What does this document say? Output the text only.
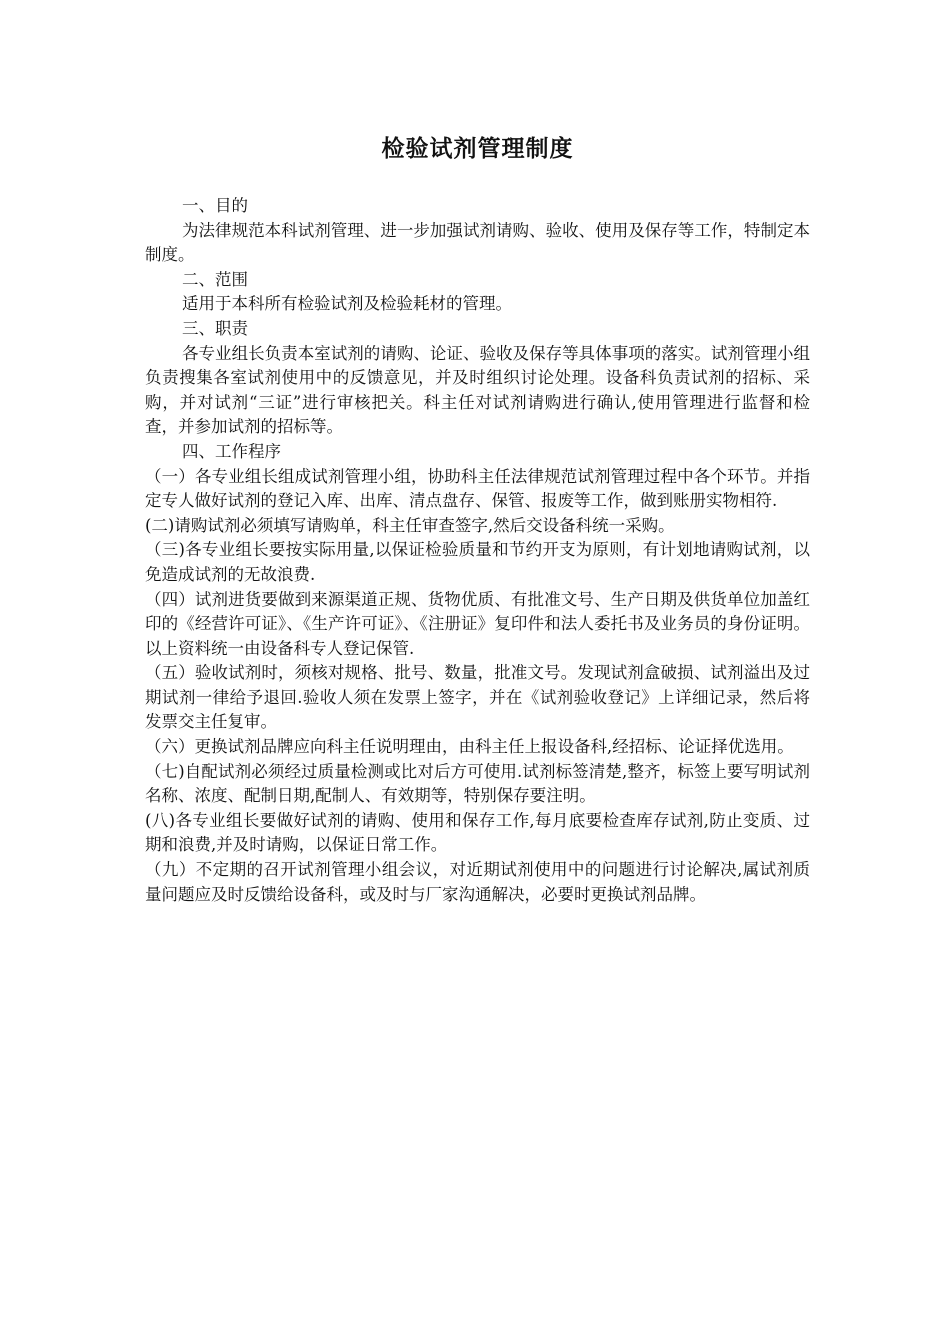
检验试剂管理制度

一、目的

为法律规范本科试剂管理、进一步加强试剂请购、验收、使用及保存等工作，特制定本制度。

二、范围

适用于本科所有检验试剂及检验耗材的管理。

三、职责

各专业组长负责本室试剂的请购、论证、验收及保存等具体事项的落实。试剂管理小组负责搜集各室试剂使用中的反馈意见，并及时组织讨论处理。设备科负责试剂的招标、采购，并对试剂“三证”进行审核把关。科主任对试剂请购进行确认,使用管理进行监督和检查，并参加试剂的招标等。

四、工作程序

（一）各专业组长组成试剂管理小组，协助科主任法律规范试剂管理过程中各个环节。并指定专人做好试剂的登记入库、出库、清点盘存、保管、报废等工作，做到账册实物相符.

(二)请购试剂必须填写请购单，科主任审查签字,然后交设备科统一采购。

（三)各专业组长要按实际用量,以保证检验质量和节约开支为原则，有计划地请购试剂，以免造成试剂的无故浪费.

（四）试剂进货要做到来源渠道正规、货物优质、有批准文号、生产日期及供货单位加盖红印的《经营许可证》、《生产许可证》、《注册证》复印件和法人委托书及业务员的身份证明。以上资料统一由设备科专人登记保管.

（五）验收试剂时，须核对规格、批号、数量，批准文号。发现试剂盒破损、试剂溢出及过期试剂一律给予退回.验收人须在发票上签字，并在《试剂验收登记》上详细记录，然后将发票交主任复审。

（六）更换试剂品牌应向科主任说明理由，由科主任上报设备科,经招标、论证择优选用。

（七)自配试剂必须经过质量检测或比对后方可使用.试剂标签清楚,整齐，标签上要写明试剂名称、浓度、配制日期,配制人、有效期等，特别保存要注明。

(八)各专业组长要做好试剂的请购、使用和保存工作,每月底要检查库存试剂,防止变质、过期和浪费,并及时请购，以保证日常工作。

（九）不定期的召开试剂管理小组会议，对近期试剂使用中的问题进行讨论解决,属试剂质量问题应及时反馈给设备科，或及时与厂家沟通解决，必要时更换试剂品牌。
